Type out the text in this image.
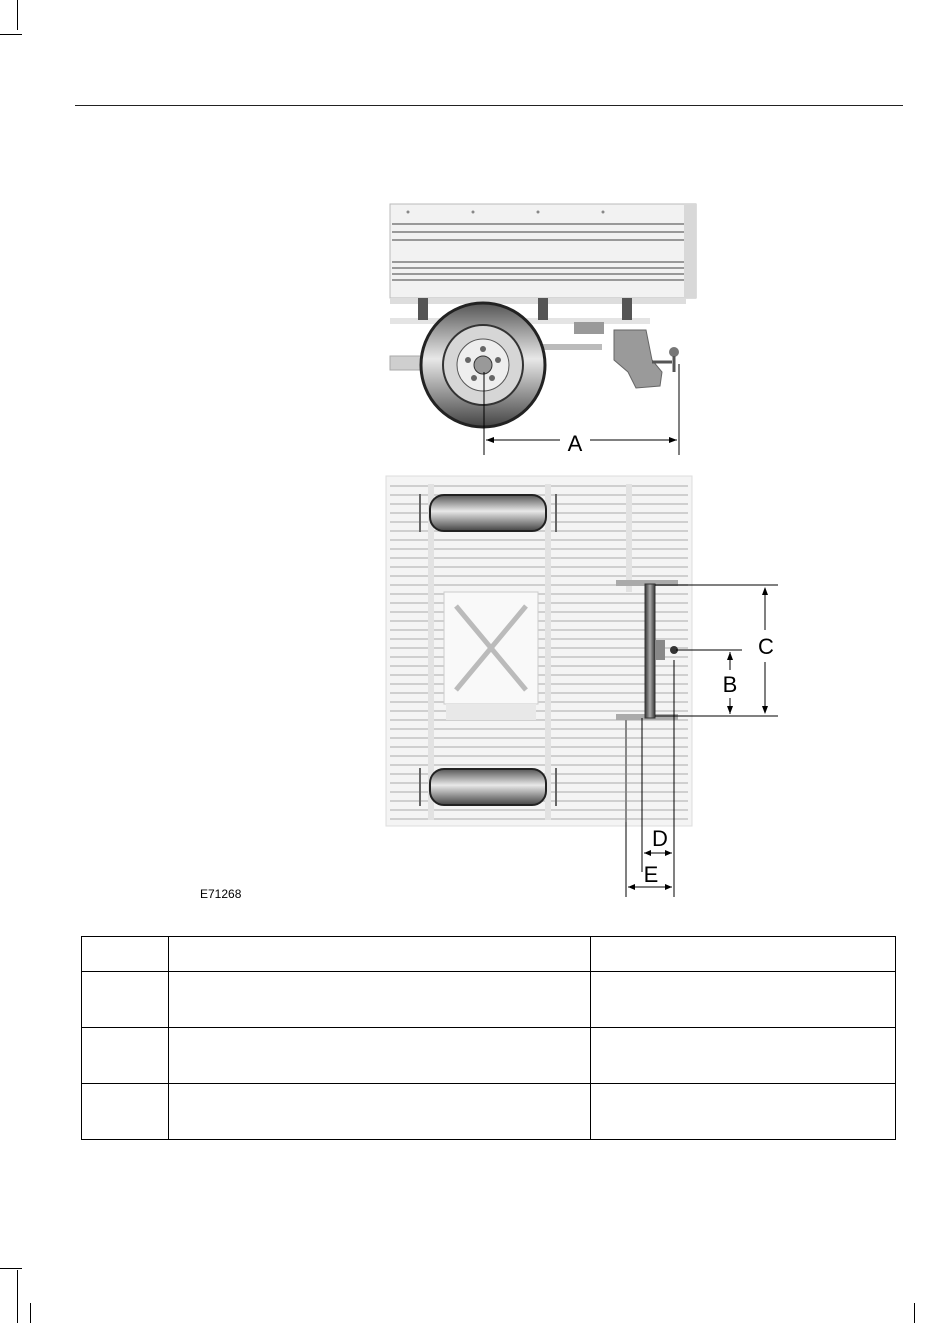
A
C
B
D
E
E71268
